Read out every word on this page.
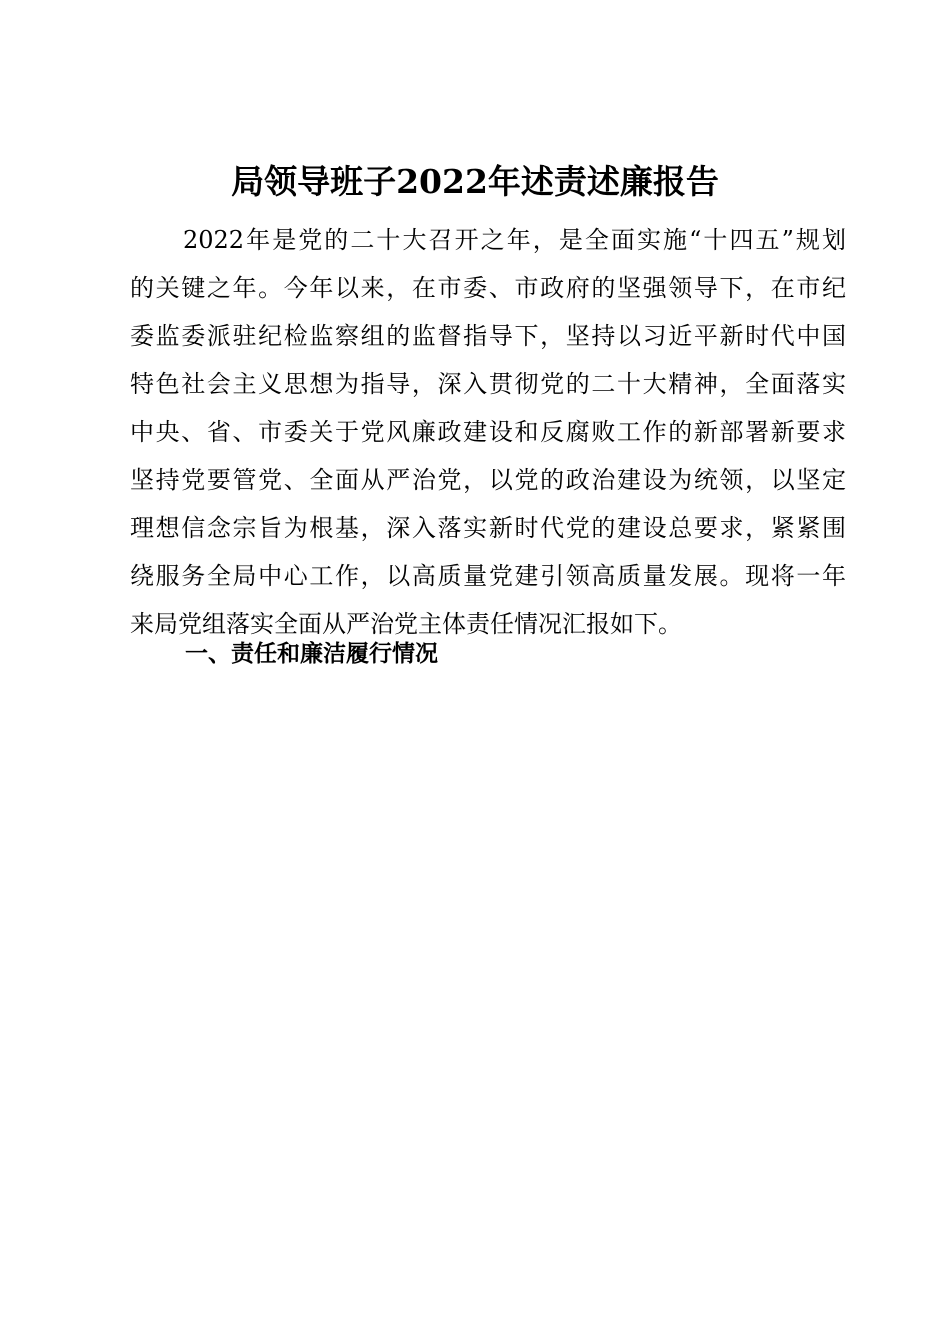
局领导班子2022年述责述廉报告
2022年是党的二十大召开之年，是全面实施“十四五”规划
的关键之年。今年以来，在市委、市政府的坚强领导下，在市纪
委监委派驻纪检监察组的监督指导下，坚持以习近平新时代中国
特色社会主义思想为指导，深入贯彻党的二十大精神，全面落实
中央、省、市委关于党风廉政建设和反腐败工作的新部署新要求
坚持党要管党、全面从严治党，以党的政治建设为统领，以坚定
理想信念宗旨为根基，深入落实新时代党的建设总要求，紧紧围
绕服务全局中心工作，以高质量党建引领高质量发展。现将一年
来局党组落实全面从严治党主体责任情况汇报如下。
一、责任和廉洁履行情况
